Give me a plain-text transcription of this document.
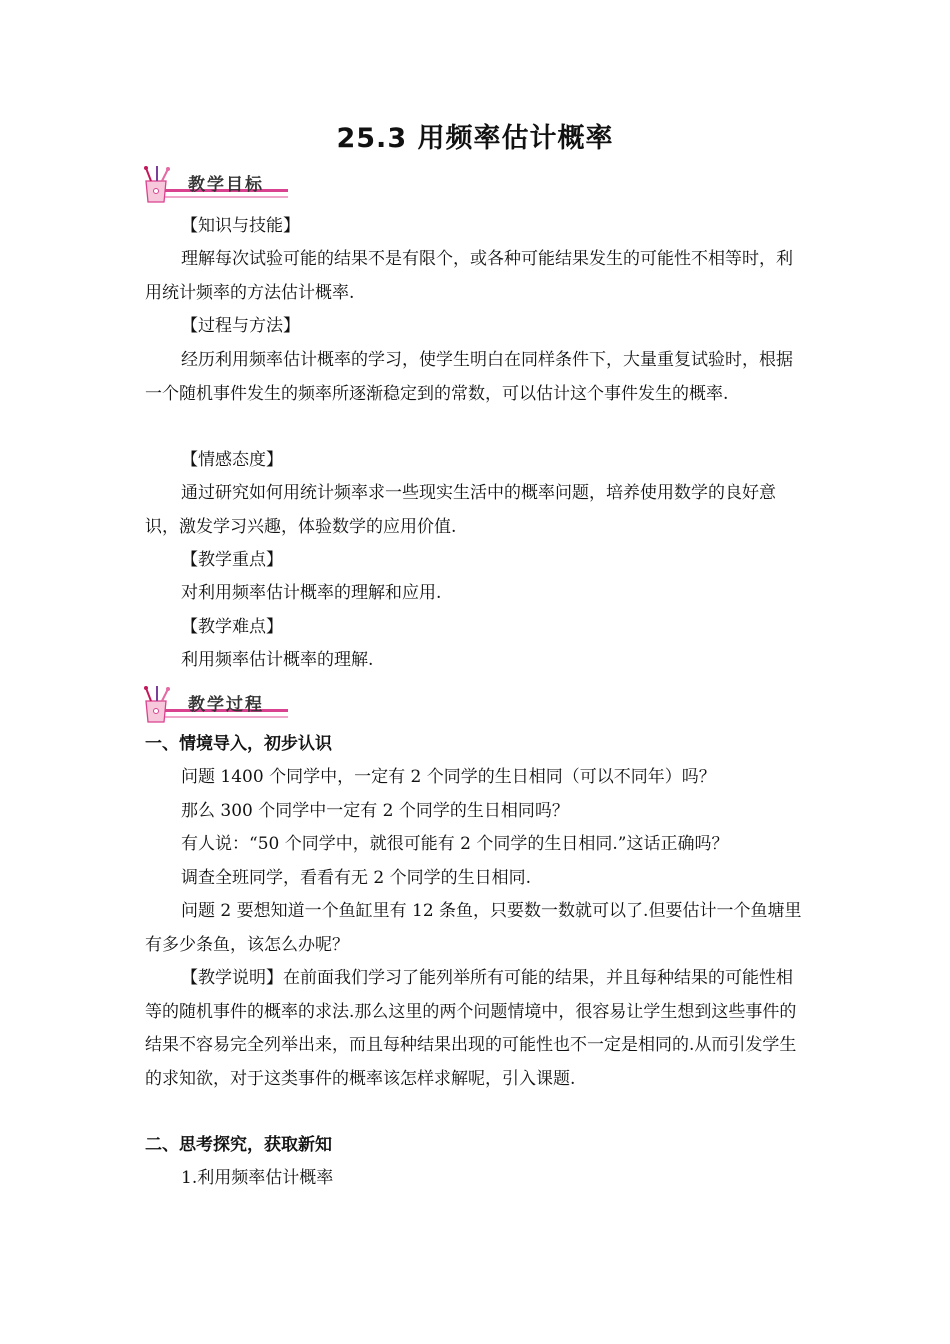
25.3 用频率估计概率
教学目标

【知识与技能】

理解每次试验可能的结果不是有限个，或各种可能结果发生的可能性不相等时，利用统计频率的方法估计概率.

【过程与方法】

经历利用频率估计概率的学习，使学生明白在同样条件下，大量重复试验时，根据一个随机事件发生的频率所逐渐稳定到的常数，可以估计这个事件发生的概率.

【情感态度】

通过研究如何用统计频率求一些现实生活中的概率问题，培养使用数学的良好意识，激发学习兴趣，体验数学的应用价值.

【教学重点】

对利用频率估计概率的理解和应用.

【教学难点】

利用频率估计概率的理解.

教学过程

一、情境导入，初步认识

问题 1400 个同学中，一定有 2 个同学的生日相同（可以不同年）吗？

那么 300 个同学中一定有 2 个同学的生日相同吗？

有人说：“50 个同学中，就很可能有 2 个同学的生日相同.”这话正确吗？

调查全班同学，看看有无 2 个同学的生日相同.

问题 2 要想知道一个鱼缸里有 12 条鱼，只要数一数就可以了.但要估计一个鱼塘里有多少条鱼，该怎么办呢？

【教学说明】在前面我们学习了能列举所有可能的结果，并且每种结果的可能性相等的随机事件的概率的求法.那么这里的两个问题情境中，很容易让学生想到这些事件的结果不容易完全列举出来，而且每种结果出现的可能性也不一定是相同的.从而引发学生的求知欲，对于这类事件的概率该怎样求解呢，引入课题.

二、思考探究，获取新知

1.利用频率估计概率
